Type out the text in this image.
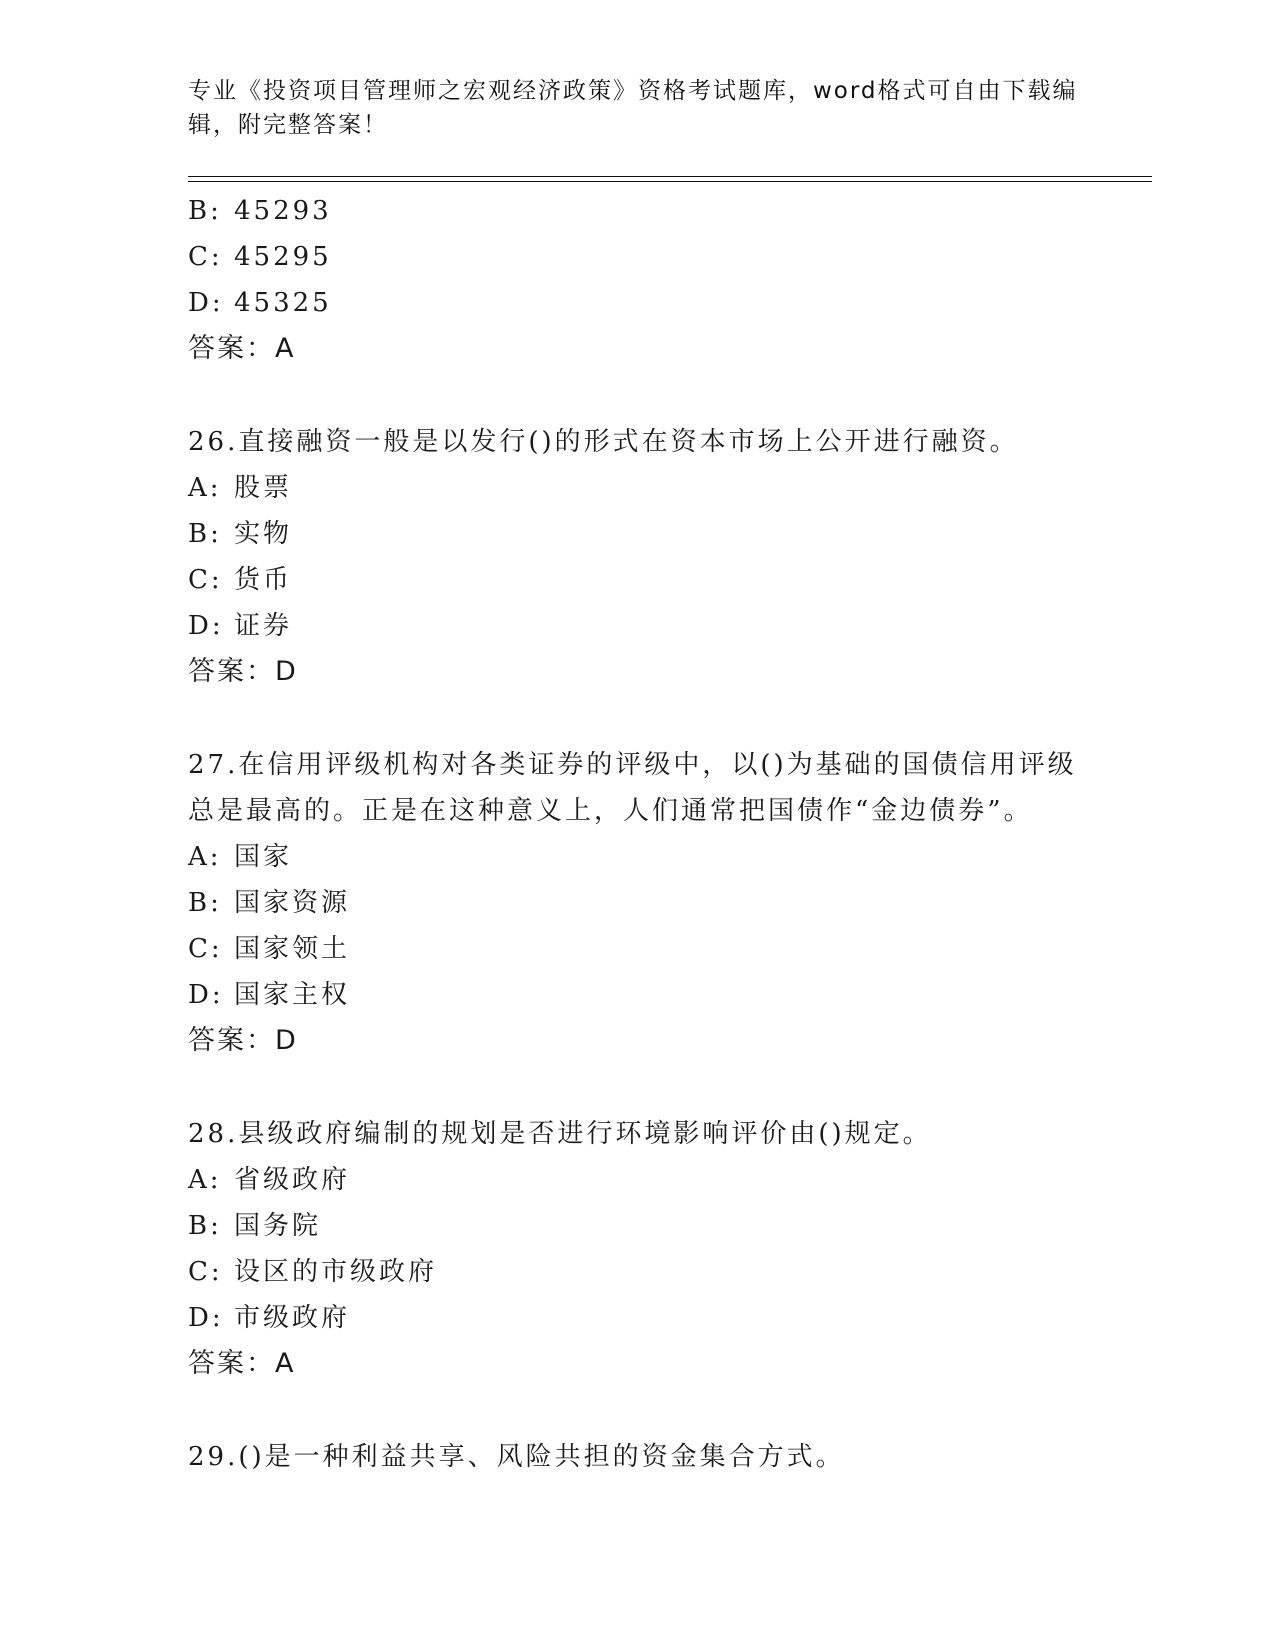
专业《投资项目管理师之宏观经济政策》资格考试题库，word格式可自由下载编
辑，附完整答案！
B: 45293
C: 45295
D: 45325
答案：A
26.直接融资一般是以发行()的形式在资本市场上公开进行融资。
A: 股票
B: 实物
C: 货币
D: 证券
答案：D
27.在信用评级机构对各类证券的评级中，以()为基础的国债信用评级
总是最高的。正是在这种意义上，人们通常把国债作“金边债券”。
A: 国家
B: 国家资源
C: 国家领土
D: 国家主权
答案：D
28.县级政府编制的规划是否进行环境影响评价由()规定。
A: 省级政府
B: 国务院
C: 设区的市级政府
D: 市级政府
答案：A
29.()是一种利益共享、风险共担的资金集合方式。
